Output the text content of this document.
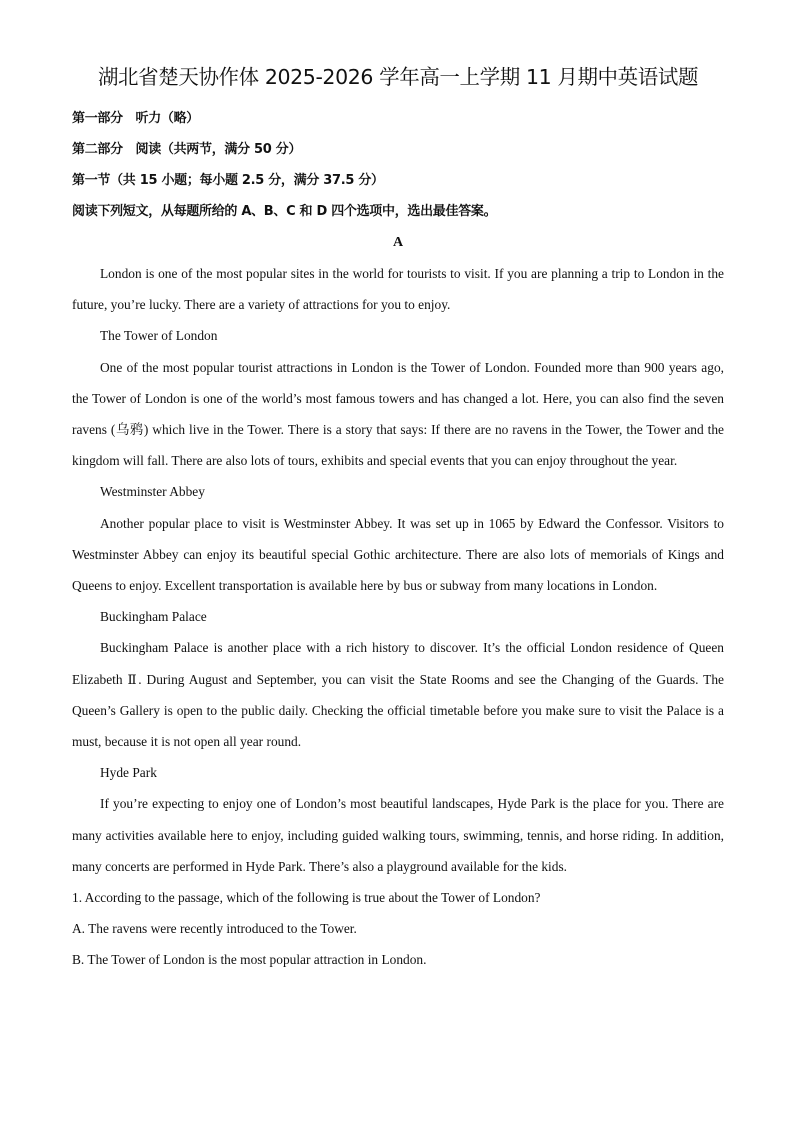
湖北省楚天协作体 2025-2026 学年高一上学期 11 月期中英语试题
第一部分　听力（略）
第二部分　阅读（共两节，满分 50 分）
第一节（共 15 小题；每小题 2.5 分，满分 37.5 分）
阅读下列短文，从每题所给的 A、B、C 和 D 四个选项中，选出最佳答案。
A

London is one of the most popular sites in the world for tourists to visit. If you are planning a trip to London in the future, you’re lucky. There are a variety of attractions for you to enjoy.

The Tower of London

One of the most popular tourist attractions in London is the Tower of London. Founded more than 900 years ago, the Tower of London is one of the world’s most famous towers and has changed a lot. Here, you can also find the seven ravens (乌鸦) which live in the Tower. There is a story that says: If there are no ravens in the Tower, the Tower and the kingdom will fall. There are also lots of tours, exhibits and special events that you can enjoy throughout the year.

Westminster Abbey

Another popular place to visit is Westminster Abbey. It was set up in 1065 by Edward the Confessor. Visitors to Westminster Abbey can enjoy its beautiful special Gothic architecture. There are also lots of memorials of Kings and Queens to enjoy. Excellent transportation is available here by bus or subway from many locations in London.

Buckingham Palace

Buckingham Palace is another place with a rich history to discover. It’s the official London residence of Queen Elizabeth Ⅱ. During August and September, you can visit the State Rooms and see the Changing of the Guards. The Queen’s Gallery is open to the public daily. Checking the official timetable before you make sure to visit the Palace is a must, because it is not open all year round.

Hyde Park

If you’re expecting to enjoy one of London’s most beautiful landscapes, Hyde Park is the place for you. There are many activities available here to enjoy, including guided walking tours, swimming, tennis, and horse riding. In addition, many concerts are performed in Hyde Park. There’s also a playground available for the kids.

1. According to the passage, which of the following is true about the Tower of London?

A. The ravens were recently introduced to the Tower.

B. The Tower of London is the most popular attraction in London.
